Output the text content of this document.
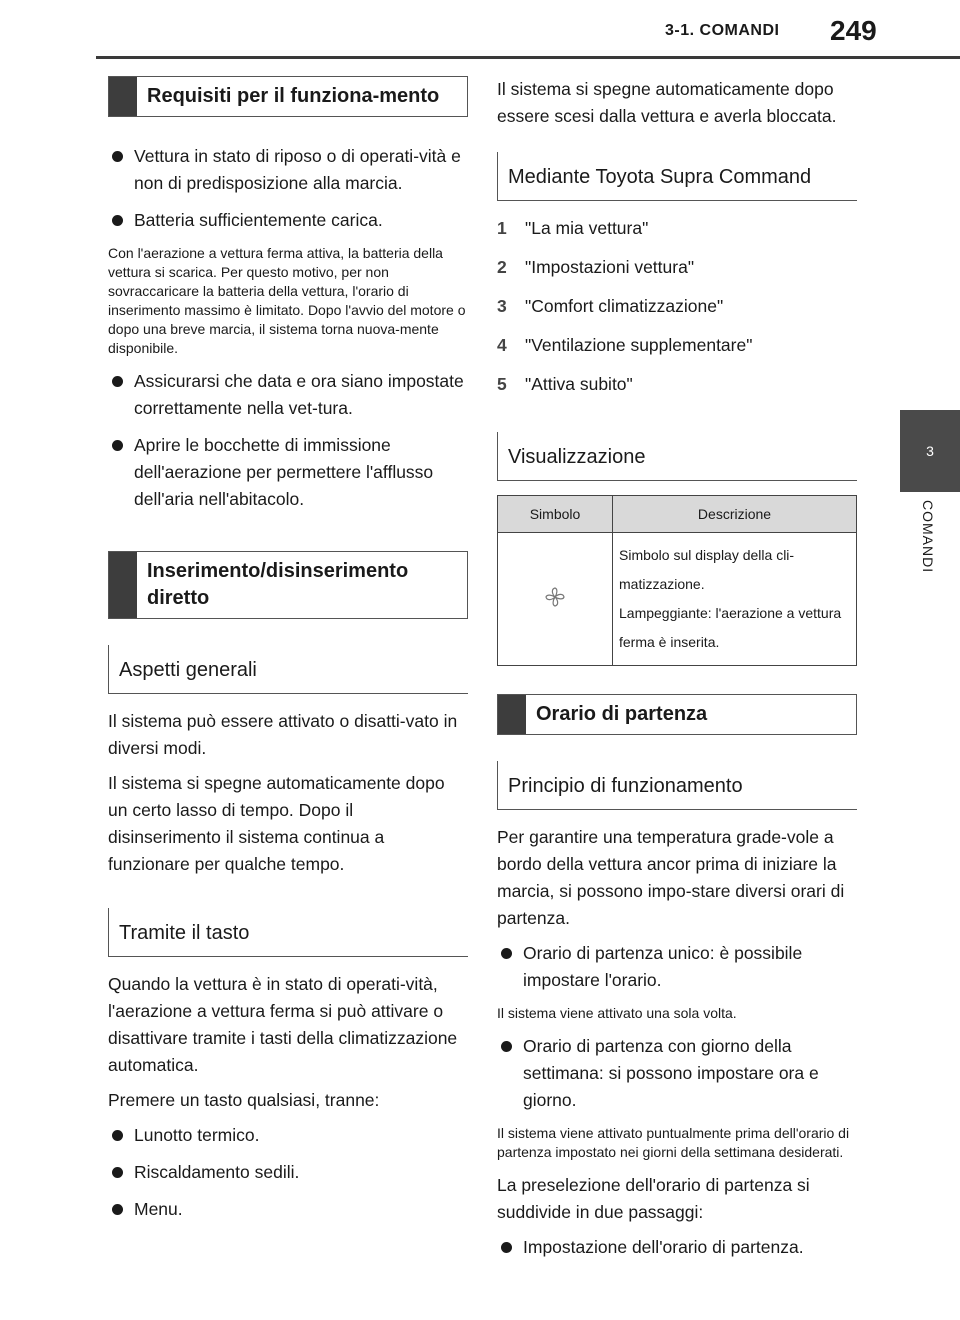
3-1. COMANDI 249
3
COMANDI
Requisiti per il funziona-mento
Vettura in stato di riposo o di operati-vità e non di predisposizione alla marcia.
Batteria sufficientemente carica.

Con l'aerazione a vettura ferma attiva, la batteria della vettura si scarica. Per questo motivo, per non sovraccaricare la batteria della vettura, l'orario di inserimento massimo è limitato. Dopo l'avvio del motore o dopo una breve marcia, il sistema torna nuova-mente disponibile.

Assicurarsi che data e ora siano impostate correttamente nella vet-tura.
Aprire le bocchette di immissione dell'aerazione per permettere l'afflusso dell'aria nell'abitacolo.
Inserimento/disinserimento diretto
Aspetti generali

Il sistema può essere attivato o disatti-vato in diversi modi.

Il sistema si spegne automaticamente dopo un certo lasso di tempo. Dopo il disinserimento il sistema continua a funzionare per qualche tempo.

Tramite il tasto

Quando la vettura è in stato di operati-vità, l'aerazione a vettura ferma si può attivare o disattivare tramite i tasti della climatizzazione automatica.

Premere un tasto qualsiasi, tranne:

Lunotto termico.
Riscaldamento sedili.
Menu.

Il sistema si spegne automaticamente dopo essere scesi dalla vettura e averla bloccata.

Mediante Toyota Supra Command
1	"La mia vettura"
2	"Impostazioni vettura"
3	"Comfort climatizzazione"
4	"Ventilazione supplementare"
5	"Attiva subito"
Visualizzazione
Simbolo	Descrizione

Simbolo sul display della cli-matizzazione.
Lampeggiante: l'aerazione a vettura ferma è inserita.
Orario di partenza
Principio di funzionamento

Per garantire una temperatura grade-vole a bordo della vettura ancor prima di iniziare la marcia, si possono impo-stare diversi orari di partenza.

Orario di partenza unico: è possibile impostare l'orario.

Il sistema viene attivato una sola volta.

Orario di partenza con giorno della settimana: si possono impostare ora e giorno.

Il sistema viene attivato puntualmente prima dell'orario di partenza impostato nei giorni della settimana desiderati.

La preselezione dell'orario di partenza si suddivide in due passaggi:

Impostazione dell'orario di partenza.
